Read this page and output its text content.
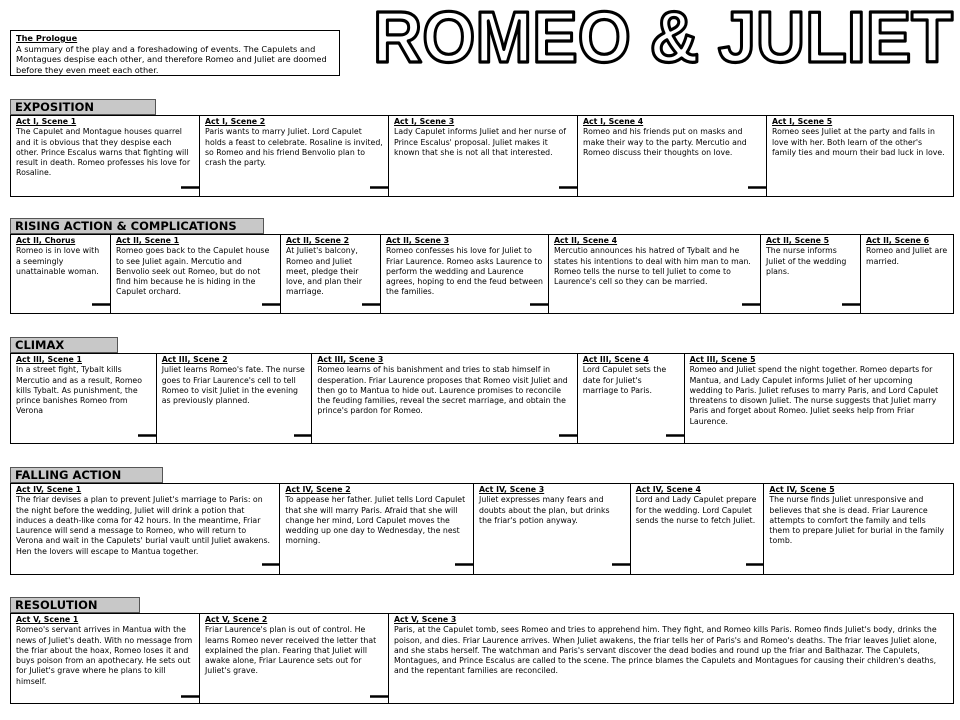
ROMEO & JULIET
The Prologue
A summary of the play and a foreshadowing of events. The Capulets and Montagues despise each other, and therefore Romeo and Juliet are doomed before they even meet each other.
EXPOSITION
Act I, Scene 1
The Capulet and Montague houses quarrel and it is obvious that they despise each other. Prince Escalus warns that fighting will result in death. Romeo professes his love for Rosaline.
Act I, Scene 2
Paris wants to marry Juliet. Lord Capulet holds a feast to celebrate. Rosaline is invited, so Romeo and his friend Benvolio plan to crash the party.
Act I, Scene 3
Lady Capulet informs Juliet and her nurse of Prince Escalus' proposal. Juliet makes it known that she is not all that interested.
Act I, Scene 4
Romeo and his friends put on masks and make their way to the party. Mercutio and Romeo discuss their thoughts on love.
Act I, Scene 5
Romeo sees Juliet at the party and falls in love with her. Both learn of the other's family ties and mourn their bad luck in love.
RISING ACTION & COMPLICATIONS
Act II, Chorus
Romeo is in love with a seemingly unattainable woman.
Act II, Scene 1
Romeo goes back to the Capulet house to see Juliet again. Mercutio and Benvolio seek out Romeo, but do not find him because he is hiding in the Capulet orchard.
Act II, Scene 2
At Juliet's balcony, Romeo and Juliet meet, pledge their love, and plan their marriage.
Act II, Scene 3
Romeo confesses his love for Juliet to Friar Laurence. Romeo asks Laurence to perform the wedding and Laurence agrees, hoping to end the feud between the families.
Act II, Scene 4
Mercutio announces his hatred of Tybalt and he states his intentions to deal with him man to man. Romeo tells the nurse to tell Juliet to come to Laurence's cell so they can be married.
Act II, Scene 5
The nurse informs Juliet of the wedding plans.
Act II, Scene 6
Romeo and Juliet are married.
CLIMAX
Act III, Scene 1
In a street fight, Tybalt kills Mercutio and as a result, Romeo kills Tybalt. As punishment, the prince banishes Romeo from Verona
Act III, Scene 2
Juliet learns Romeo's fate. The nurse goes to Friar Laurence's cell to tell Romeo to visit Juliet in the evening as previously planned.
Act III, Scene 3
Romeo learns of his banishment and tries to stab himself in desperation. Friar Laurence proposes that Romeo visit Juliet and then go to Mantua to hide out. Laurence promises to reconcile the feuding families, reveal the secret marriage, and obtain the prince's pardon for Romeo.
Act III, Scene 4
Lord Capulet sets the date for Juliet's marriage to Paris.
Act III, Scene 5
Romeo and Juliet spend the night together. Romeo departs for Mantua, and Lady Capulet informs Juliet of her upcoming wedding to Paris. Juliet refuses to marry Paris, and Lord Capulet threatens to disown Juliet. The nurse suggests that Juliet marry Paris and forget about Romeo. Juliet seeks help from Friar Laurence.
FALLING ACTION
Act IV, Scene 1
The friar devises a plan to prevent Juliet's marriage to Paris: on the night before the wedding, Juliet will drink a potion that induces a death-like coma for 42 hours. In the meantime, Friar Laurence will send a message to Romeo, who will return to Verona and wait in the Capulets' burial vault until Juliet awakens. Hen the lovers will escape to Mantua together.
Act IV, Scene 2
To appease her father. Juliet tells Lord Capulet that she will marry Paris. Afraid that she will change her mind, Lord Capulet moves the wedding up one day to Wednesday, the nest morning.
Act IV, Scene 3
Juliet expresses many fears and doubts about the plan, but drinks the friar's potion anyway.
Act IV, Scene 4
Lord and Lady Capulet prepare for the wedding. Lord Capulet sends the nurse to fetch Juliet.
Act IV, Scene 5
The nurse finds Juliet unresponsive and believes that she is dead. Friar Laurence attempts to comfort the family and tells them to prepare Juliet for burial in the family tomb.
RESOLUTION
Act V, Scene 1
Romeo's servant arrives in Mantua with the news of Juliet's death. With no message from the friar about the hoax, Romeo loses it and buys poison from an apothecary. He sets out for Juliet's grave where he plans to kill himself.
Act V, Scene 2
Friar Laurence's plan is out of control. He learns Romeo never received the letter that explained the plan. Fearing that Juliet will awake alone, Friar Laurence sets out for Juliet's grave.
Act V, Scene 3
Paris, at the Capulet tomb, sees Romeo and tries to apprehend him. They fight, and Romeo kills Paris. Romeo finds Juliet's body, drinks the poison, and dies. Friar Laurence arrives. When Juliet awakens, the friar tells her of Paris's and Romeo's deaths. The friar leaves Juliet alone, and she stabs herself. The watchman and Paris's servant discover the dead bodies and round up the friar and Balthazar. The Capulets, Montagues, and Prince Escalus are called to the scene. The prince blames the Capulets and Montagues for causing their children's deaths, and the repentant families are reconciled.
